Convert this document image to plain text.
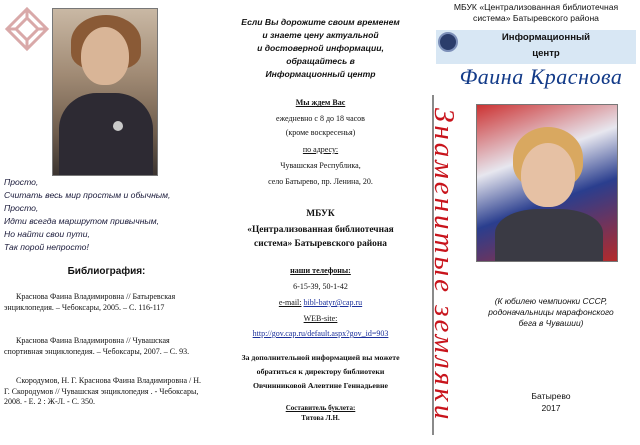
Просто,
Считать весь мир простым и обычным,
Просто,
Идти всегда маршрутом привычным,
Но найти свои пути,
Так порой непросто!
Библиография:
Краснова Фаина Владимировна // Батыревская энциклопедия. – Чебоксары, 2005. – С. 116-117
Краснова Фаина Владимировна // Чувашская спортивная энциклопедия. – Чебоксары, 2007. – С. 93.
Скородумов, Н. Г. Краснова Фаина Владимировна / Н. Г. Скородумов // Чувашская энциклопедия . - Чебоксары, 2008. - Е. 2 : Ж-Л. - С. 350.
Если Вы дорожите своим временем
и знаете цену актуальной
и достоверной информации,
обращайтесь в
Информационный центр
Мы ждем Вас
ежедневно с 8 до 18 часов
(кроме воскресенья)
по адресу:
Чувашская Республика,
село Батырево, пр. Ленина, 20.
МБУК
«Централизованная библиотечная
система» Батыревского района
наши телефоны:
6-15-39, 50-1-42
e-mail: bibl-batyr@cap.ru
WEB-site:
http://gov.cap.ru/default.aspx?gov_id=903
За дополнительной информацией вы можете
обратиться к директору библиотеки
Овчинниковой Алевтине Геннадьевне
Составитель буклета:
Титова Л.Н.
МБУК «Централизованная библиотечная
система» Батыревского района
Информационный
центр
Фаина Краснова
Знаменитые земляки	(К юбилею чемпионки СССР,
родоначальницы марафонского
бега в Чувашии)
Батырево
2017
